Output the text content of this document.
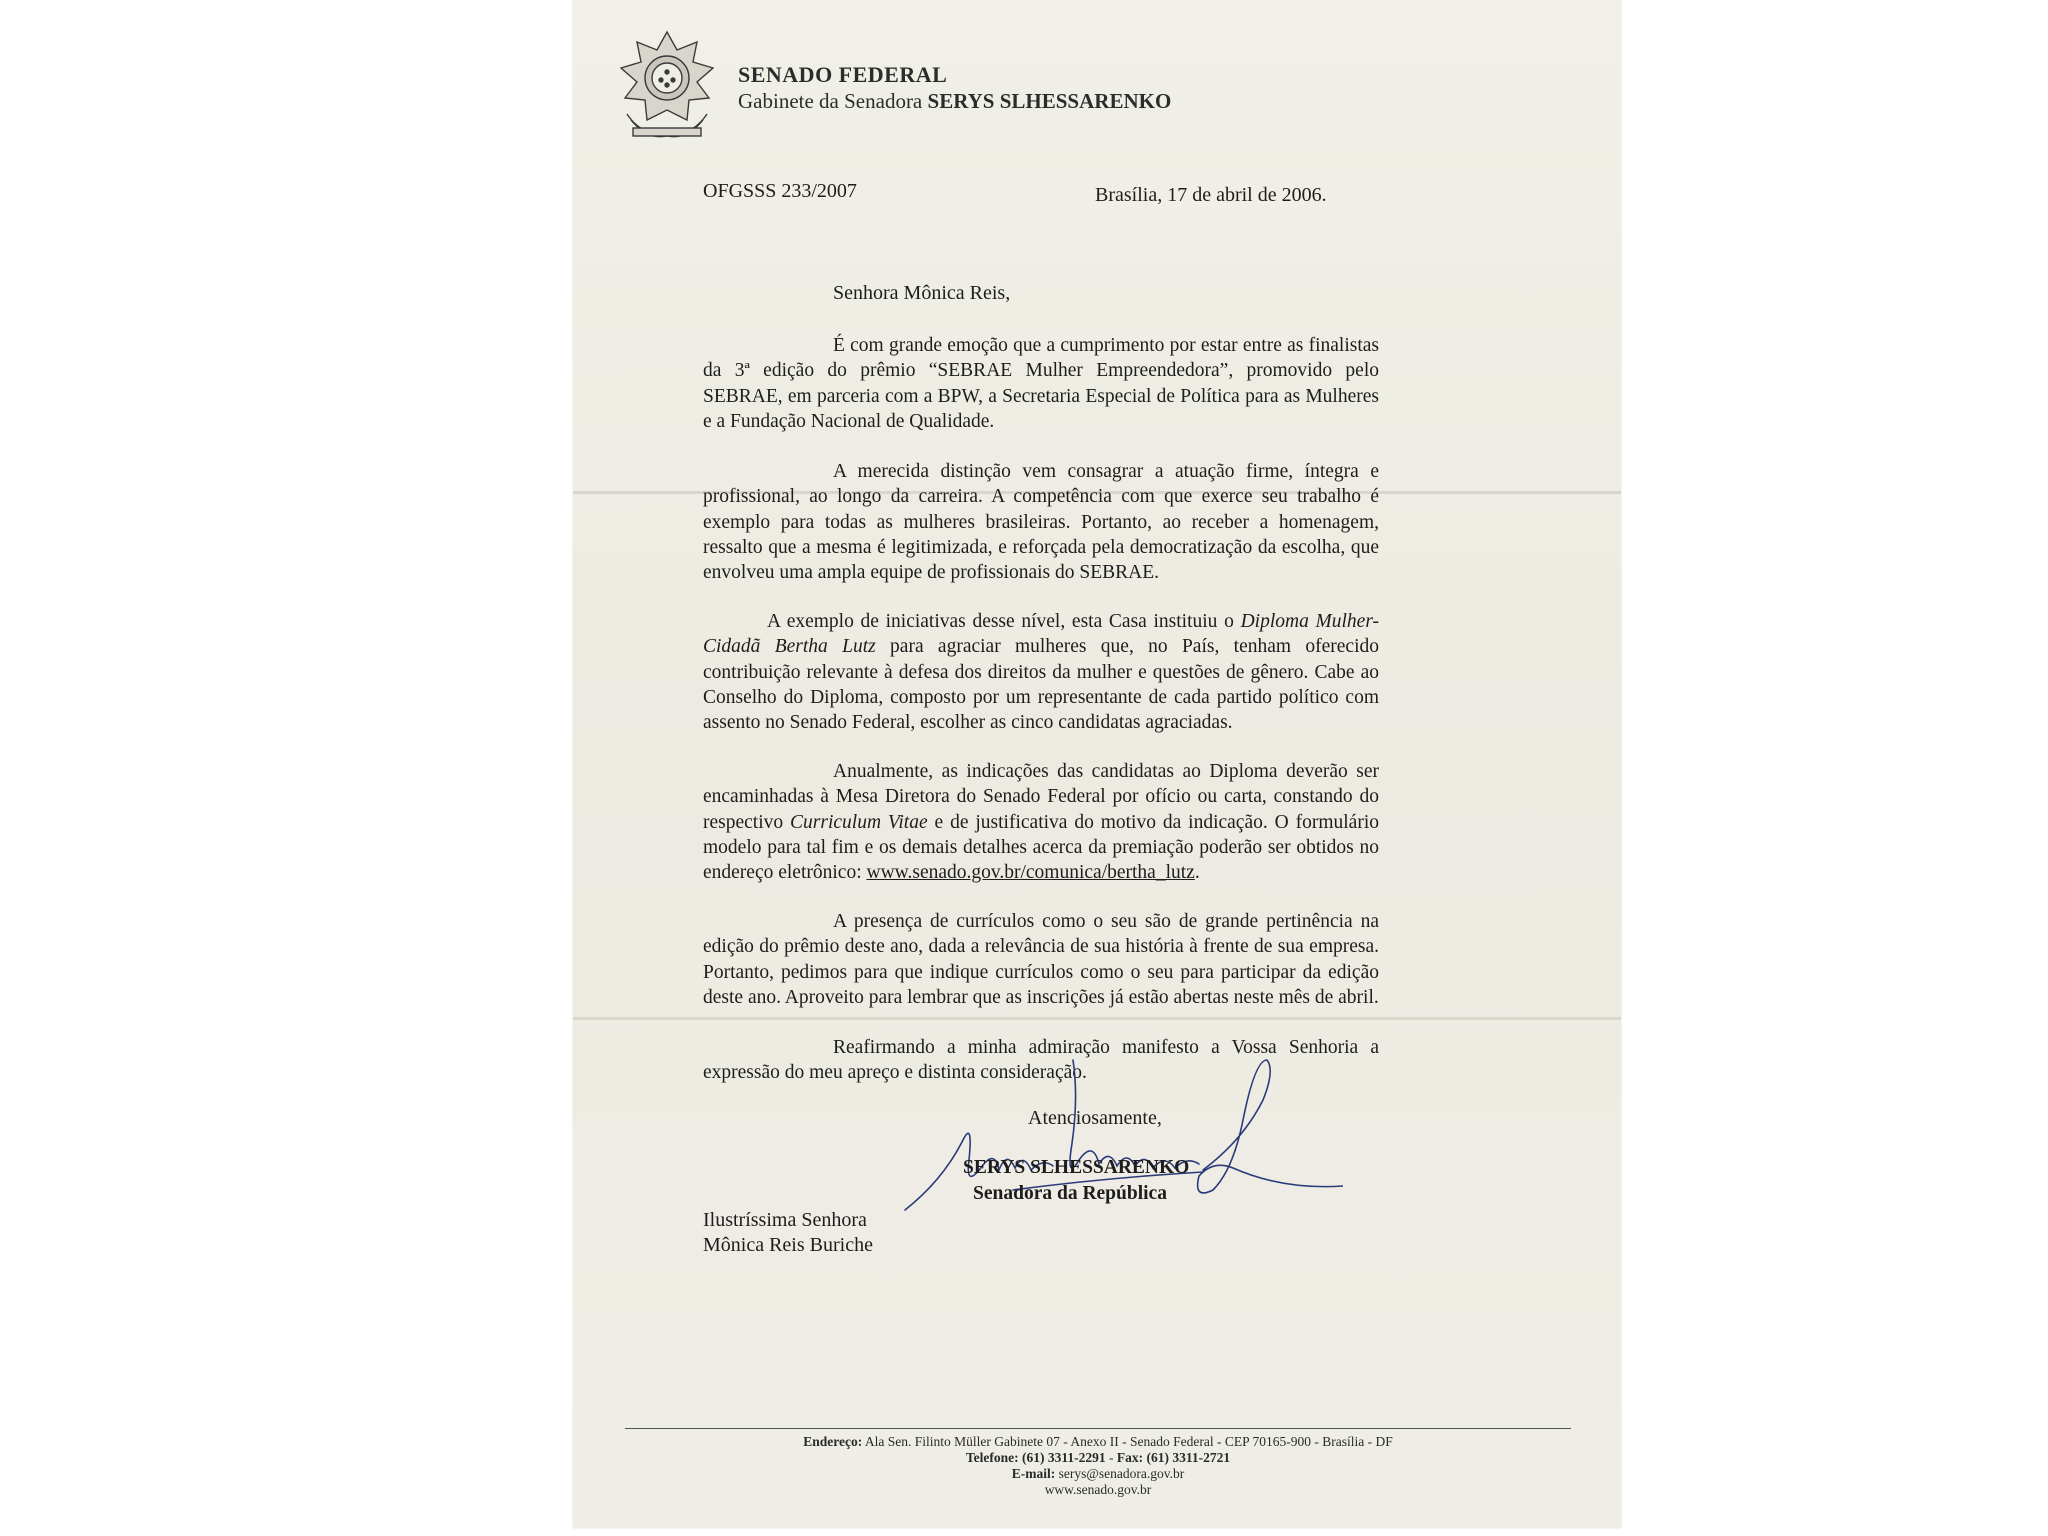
SENADO FEDERAL
Gabinete da Senadora SERYS SLHESSARENKO
OFGSSS 233/2007	Brasília, 17 de abril de 2006.
Senhora Mônica Reis,

É com grande emoção que a cumprimento por estar entre as finalistas da 3ª edição do prêmio “SEBRAE Mulher Empreendedora”, promovido pelo SEBRAE, em parceria com a BPW, a Secretaria Especial de Política para as Mulheres e a Fundação Nacional de Qualidade.

A merecida distinção vem consagrar a atuação firme, íntegra e profissional, ao longo da carreira. A competência com que exerce seu trabalho é exemplo para todas as mulheres brasileiras. Portanto, ao receber a homenagem, ressalto que a mesma é legitimizada, e reforçada pela democratização da escolha, que envolveu uma ampla equipe de profissionais do SEBRAE.

A exemplo de iniciativas desse nível, esta Casa instituiu o Diploma Mulher-Cidadã Bertha Lutz para agraciar mulheres que, no País, tenham oferecido contribuição relevante à defesa dos direitos da mulher e questões de gênero. Cabe ao Conselho do Diploma, composto por um representante de cada partido político com assento no Senado Federal, escolher as cinco candidatas agraciadas.

Anualmente, as indicações das candidatas ao Diploma deverão ser encaminhadas à Mesa Diretora do Senado Federal por ofício ou carta, constando do respectivo Curriculum Vitae e de justificativa do motivo da indicação. O formulário modelo para tal fim e os demais detalhes acerca da premiação poderão ser obtidos no endereço eletrônico: www.senado.gov.br/comunica/bertha_lutz.

A presença de currículos como o seu são de grande pertinência na edição do prêmio deste ano, dada a relevância de sua história à frente de sua empresa. Portanto, pedimos para que indique currículos como o seu para participar da edição deste ano. Aproveito para lembrar que as inscrições já estão abertas neste mês de abril.

Reafirmando a minha admiração manifesto a Vossa Senhoria a expressão do meu apreço e distinta consideração.

Atenciosamente,
SERYS SLHESSARENKO
Senadora da República
Ilustríssima Senhora
Mônica Reis Buriche
Endereço: Ala Sen. Filinto Müller Gabinete 07 - Anexo II - Senado Federal - CEP 70165-900 - Brasília - DF
Telefone: (61) 3311-2291 - Fax: (61) 3311-2721
E-mail: serys@senadora.gov.br
www.senado.gov.br
